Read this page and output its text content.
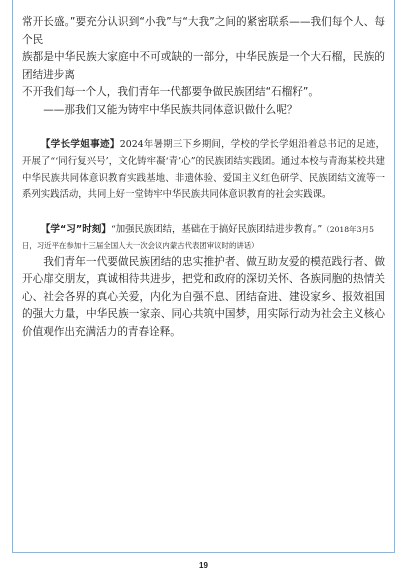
常开长盛。”要充分认识到“小我”与“大我”之间的紧密联系——我们每个人、每个民

族都是中华民族大家庭中不可或缺的一部分，中华民族是一个大石榴，民族的团结进步离

不开我们每一个人，我们青年一代都要争做民族团结“石榴籽”。

——那我们又能为铸牢中华民族共同体意识做什么呢？

【学长学姐事迹】2024年暑期三下乡期间，学校的学长学姐沿着总书记的足迹，开展了“‘同行复兴号’，文化铸牢凝‘青’心”的民族团结实践团。通过本校与青海某校共建中华民族共同体意识教育实践基地、非遗体验、爱国主义红色研学、民族团结文流等一系列实践活动，共同上好一堂铸牢中华民族共同体意识教育的社会实践课。

【学“习”时刻】“加强民族团结，基础在于搞好民族团结进步教育。”（2018年3月5

日，习近平在参加十三届全国人大一次会议内蒙古代表团审议时的讲话）

我们青年一代要做民族团结的忠实推护者、做互助友爱的模范践行者、做开心扉交朋友，真诚相待共进步，把党和政府的深切关怀、各族同胞的热情关心、社会各界的真心关爱，内化为自强不息、团结奋进、建设家乡、报效祖国的强大力量，中华民族一家亲、同心共筑中国梦，用实际行动为社会主义核心价值观作出充满活力的青春诠释。

19
